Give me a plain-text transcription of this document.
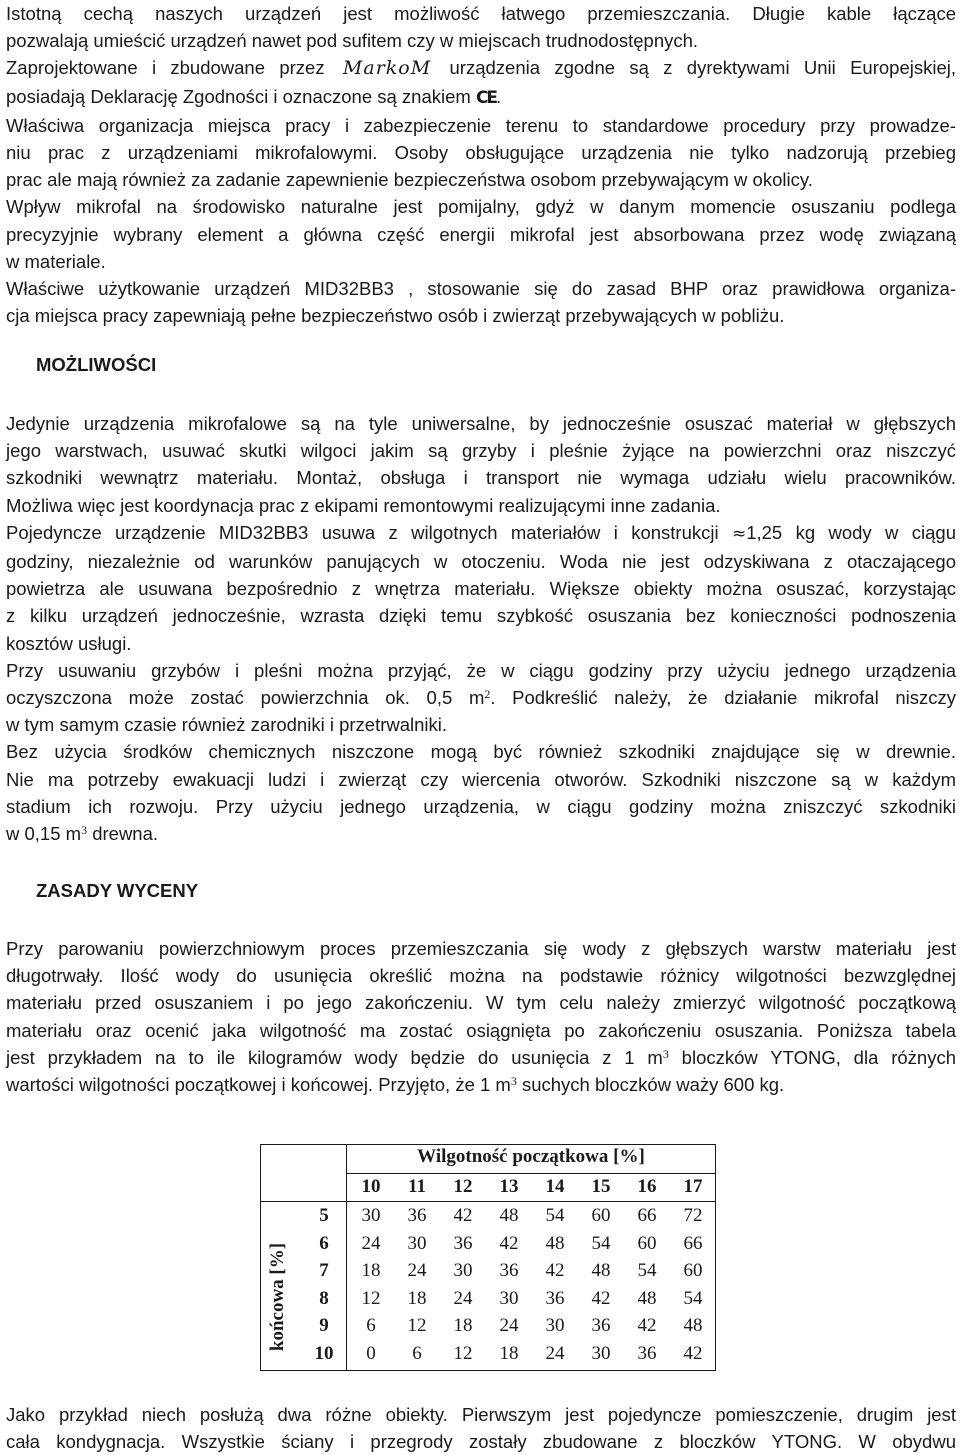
Istotną cechą naszych urządzeń jest możliwość łatwego przemieszczania. Długie kable łączące
pozwalają umieścić urządzeń nawet pod sufitem czy w miejscach trudnodostępnych.
Zaprojektowane i zbudowane przez MarkoM urządzenia zgodne są z dyrektywami Unii Europejskiej,
posiadają Deklarację Zgodności i oznaczone są znakiem CE.

Właściwa organizacja miejsca pracy i zabezpieczenie terenu to standardowe procedury przy prowadze-
niu prac z urządzeniami mikrofalowymi. Osoby obsługujące urządzenia nie tylko nadzorują przebieg
prac ale mają również za zadanie zapewnienie bezpieczeństwa osobom przebywającym w okolicy.

Wpływ mikrofal na środowisko naturalne jest pomijalny, gdyż w danym momencie osuszaniu podlega
precyzyjnie wybrany element a główna część energii mikrofal jest absorbowana przez wodę związaną
w materiale.

Właściwe użytkowanie urządzeń MID32BB3 , stosowanie się do zasad BHP oraz prawidłowa organiza-
cja miejsca pracy zapewniają pełne bezpieczeństwo osób i zwierząt przebywających w pobliżu.

MOŻLIWOŚCI

Jedynie urządzenia mikrofalowe są na tyle uniwersalne, by jednocześnie osuszać materiał w głębszych
jego warstwach, usuwać skutki wilgoci jakim są grzyby i pleśnie żyjące na powierzchni oraz niszczyć
szkodniki wewnątrz materiału. Montaż, obsługa i transport nie wymaga udziału wielu pracowników.
Możliwa więc jest koordynacja prac z ekipami remontowymi realizującymi inne zadania.

Pojedyncze urządzenie MID32BB3 usuwa z wilgotnych materiałów i konstrukcji ≈1,25 kg wody w ciągu
godziny, niezależnie od warunków panujących w otoczeniu. Woda nie jest odzyskiwana z otaczającego
powietrza ale usuwana bezpośrednio z wnętrza materiału. Większe obiekty można osuszać, korzystając
z kilku urządzeń jednocześnie, wzrasta dzięki temu szybkość osuszania bez konieczności podnoszenia
kosztów usługi.

Przy usuwaniu grzybów i pleśni można przyjąć, że w ciągu godziny przy użyciu jednego urządzenia
oczyszczona może zostać powierzchnia ok. 0,5 $m^2$. Podkreślić należy, że działanie mikrofal niszczy
w tym samym czasie również zarodniki i przetrwalniki.

Bez użycia środków chemicznych niszczone mogą być również szkodniki znajdujące się w drewnie.
Nie ma potrzeby ewakuacji ludzi i zwierząt czy wiercenia otworów. Szkodniki niszczone są w każdym
stadium ich rozwoju. Przy użyciu jednego urządzenia, w ciągu godziny można zniszczyć szkodniki
w 0,15 $m^3$ drewna.

ZASADY WYCENY

Przy parowaniu powierzchniowym proces przemieszczania się wody z głębszych warstw materiału jest
długotrwały. Ilość wody do usunięcia określić można na podstawie różnicy wilgotności bezwzględnej
materiału przed osuszaniem i po jego zakończeniu. W tym celu należy zmierzyć wilgotność początkową
materiału oraz ocenić jaka wilgotność ma zostać osiągnięta po zakończeniu osuszania. Poniższa tabela
jest przykładem na to ile kilogramów wody będzie do usunięcia z 1 $m^3$ bloczków YTONG, dla różnych
wartości wilgotności początkowej i końcowej. Przyjęto, że 1 $m^3$ suchych bloczków waży 600 kg.

Wilgotność początkowa [%]
końcowa [%]
10	11	12	13	14	15	16	17
5	30	36	42	48	54	60	66	72
6	24	30	36	42	48	54	60	66
7	18	24	30	36	42	48	54	60
8	12	18	24	30	36	42	48	54
9	6	12	18	24	30	36	42	48
10	0	6	12	18	24	30	36	42

Jako przykład niech posłużą dwa różne obiekty. Pierwszym jest pojedyncze pomieszczenie, drugim jest
cała kondygnacja. Wszystkie ściany i przegrody zostały zbudowane z bloczków YTONG. W obydwu
